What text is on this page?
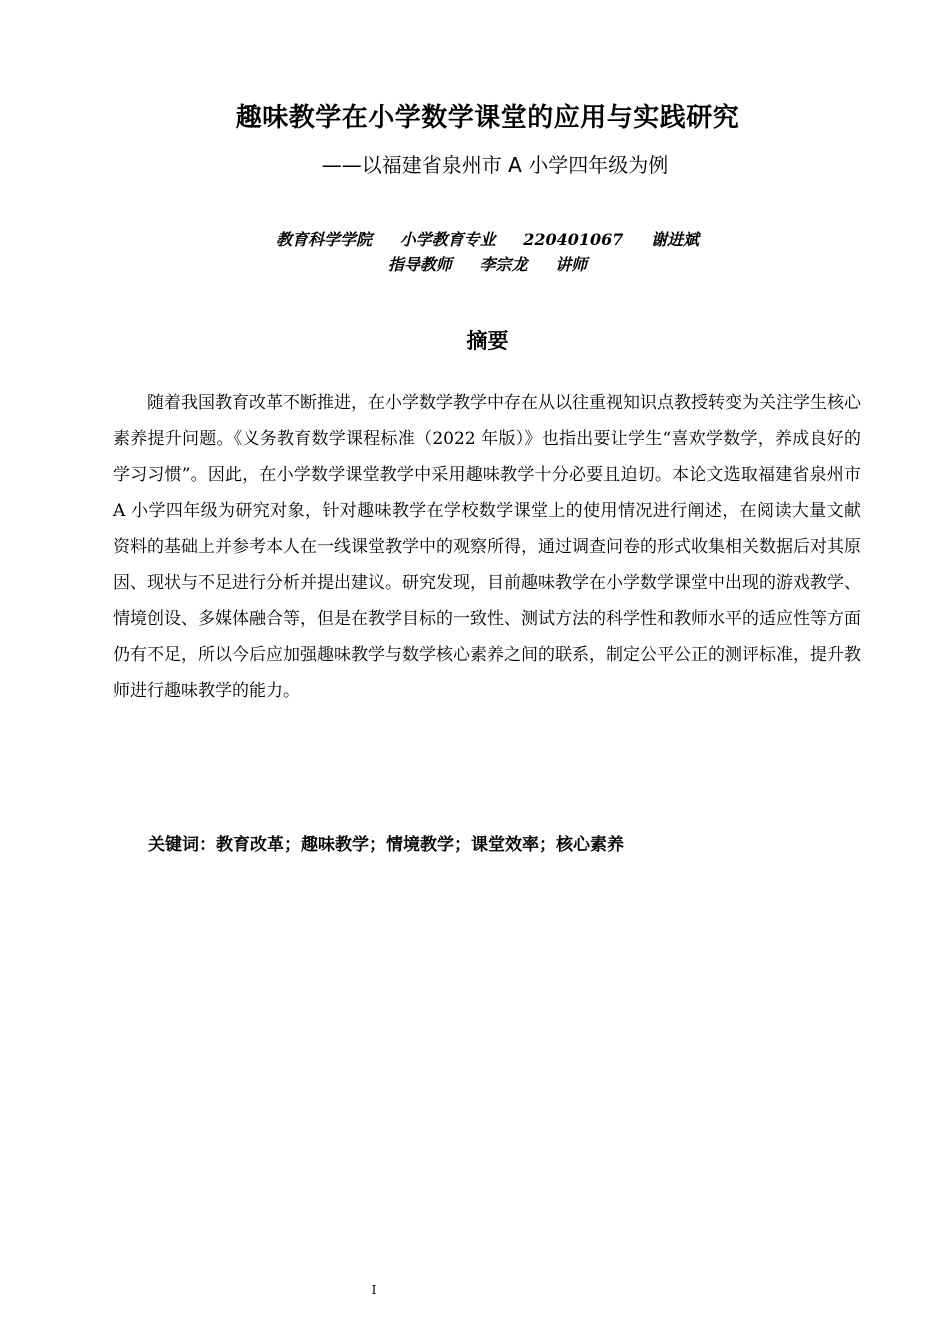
趣味教学在小学数学课堂的应用与实践研究
——以福建省泉州市 A 小学四年级为例
教育科学学院 小学教育专业 220401067 谢进斌
指导教师 李宗龙 讲师
摘要

随着我国教育改革不断推进，在小学数学教学中存在从以往重视知识点教授转变为关注学生核心素养提升问题。《义务教育数学课程标准（2022 年版）》也指出要让学生“喜欢学数学，养成良好的学习习惯”。因此，在小学数学课堂教学中采用趣味教学十分必要且迫切。本论文选取福建省泉州市 A 小学四年级为研究对象，针对趣味教学在学校数学课堂上的使用情况进行阐述，在阅读大量文献资料的基础上并参考本人在一线课堂教学中的观察所得，通过调查问卷的形式收集相关数据后对其原因、现状与不足进行分析并提出建议。研究发现，目前趣味教学在小学数学课堂中出现的游戏教学、情境创设、多媒体融合等，但是在教学目标的一致性、测试方法的科学性和教师水平的适应性等方面仍有不足，所以今后应加强趣味教学与数学核心素养之间的联系，制定公平公正的测评标准，提升教师进行趣味教学的能力。

关键词：教育改革；趣味教学；情境教学；课堂效率；核心素养
I
